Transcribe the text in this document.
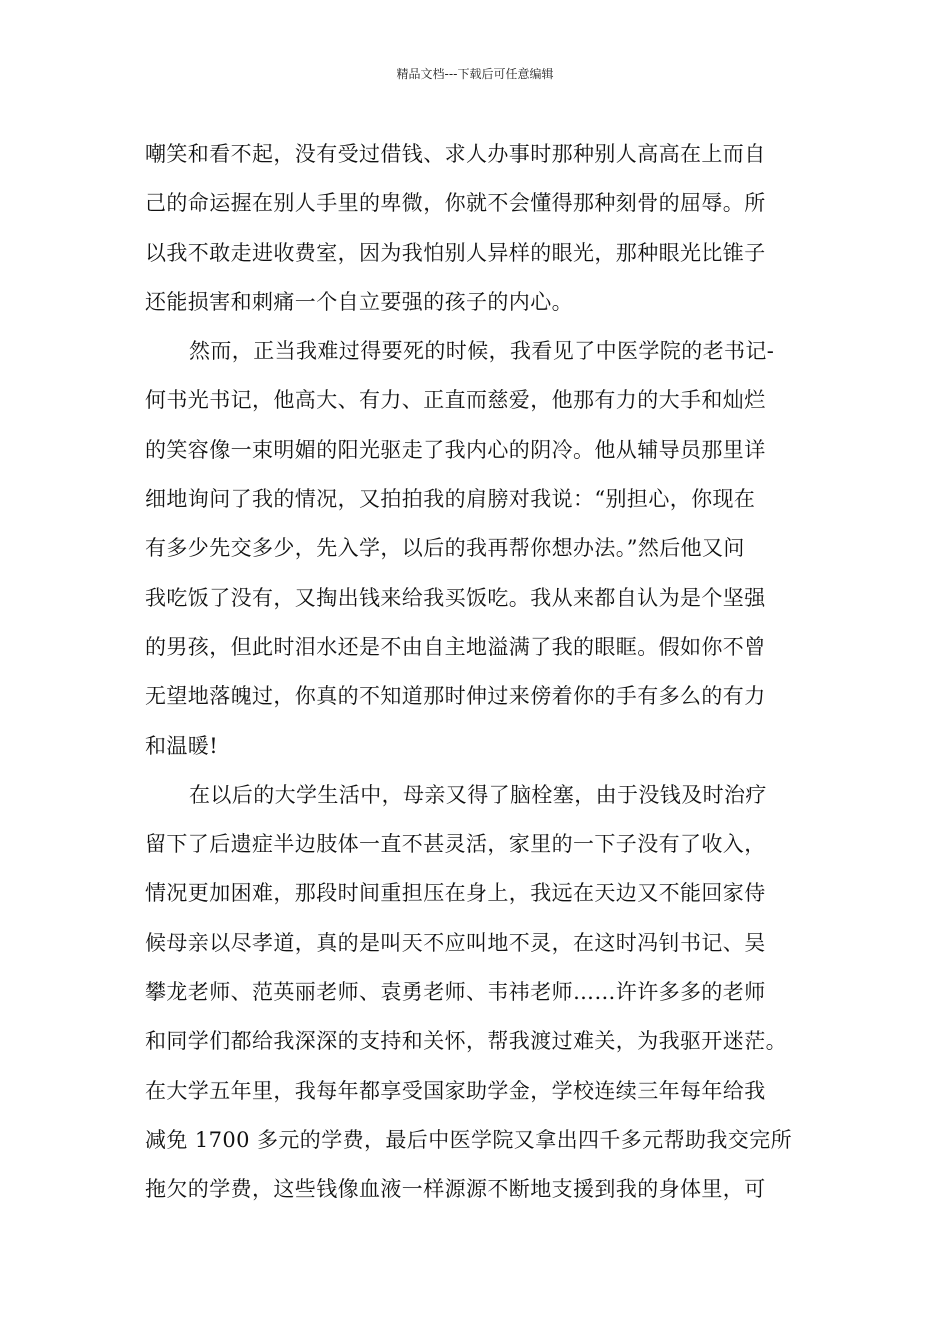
精品文档---下载后可任意编辑
嘲笑和看不起，没有受过借钱、求人办事时那种别人高高在上而自
己的命运握在别人手里的卑微，你就不会懂得那种刻骨的屈辱。所
以我不敢走进收费室，因为我怕别人异样的眼光，那种眼光比锥子
还能损害和刺痛一个自立要强的孩子的内心。
然而，正当我难过得要死的时候，我看见了中医学院的老书记-
何书光书记，他高大、有力、正直而慈爱，他那有力的大手和灿烂
的笑容像一束明媚的阳光驱走了我内心的阴冷。他从辅导员那里详
细地询问了我的情况，又拍拍我的肩膀对我说：“别担心，你现在
有多少先交多少，先入学，以后的我再帮你想办法。”然后他又问
我吃饭了没有，又掏出钱来给我买饭吃。我从来都自认为是个坚强
的男孩，但此时泪水还是不由自主地溢满了我的眼眶。假如你不曾
无望地落魄过，你真的不知道那时伸过来傍着你的手有多么的有力
和温暖!
在以后的大学生活中，母亲又得了脑栓塞，由于没钱及时治疗
留下了后遗症半边肢体一直不甚灵活，家里的一下子没有了收入，
情况更加困难，那段时间重担压在身上，我远在天边又不能回家侍
候母亲以尽孝道，真的是叫天不应叫地不灵，在这时冯钊书记、吴
攀龙老师、范英丽老师、袁勇老师、韦祎老师……许许多多的老师
和同学们都给我深深的支持和关怀，帮我渡过难关，为我驱开迷茫。
在大学五年里，我每年都享受国家助学金，学校连续三年每年给我
减免 1700 多元的学费，最后中医学院又拿出四千多元帮助我交完所
拖欠的学费，这些钱像血液一样源源不断地支援到我的身体里，可
